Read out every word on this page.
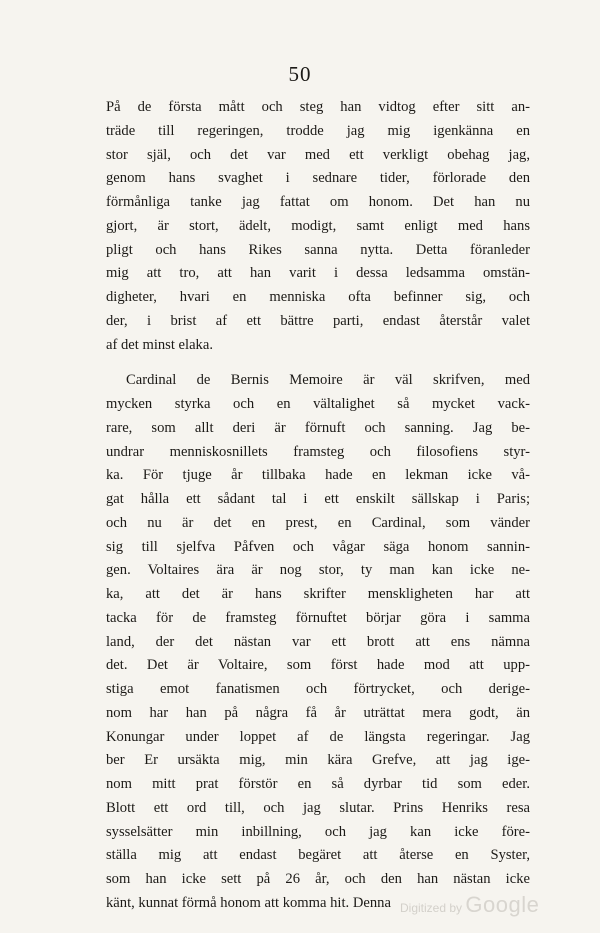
50
På de första mått och steg han vidtog efter sitt an-
träde till regeringen, trodde jag mig igenkänna en
stor själ, och det var med ett verkligt obehag jag,
genom hans svaghet i sednare tider, förlorade den
förmånliga tanke jag fattat om honom. Det han nu
gjort, är stort, ädelt, modigt, samt enligt med hans
pligt och hans Rikes sanna nytta. Detta föranleder
mig att tro, att han varit i dessa ledsamma omstän-
digheter, hvari en menniska ofta befinner sig, och
der, i brist af ett bättre parti, endast återstår valet
af det minst elaka.
Cardinal de Bernis Memoire är väl skrifven, med
mycken styrka och en vältalighet så mycket vack-
rare, som allt deri är förnuft och sanning. Jag be-
undrar menniskosnillets framsteg och filosofiens styr-
ka. För tjuge år tillbaka hade en lekman icke vå-
gat hålla ett sådant tal i ett enskilt sällskap i Paris;
och nu är det en prest, en Cardinal, som vänder
sig till sjelfva Påfven och vågar säga honom sannin-
gen. Voltaires ära är nog stor, ty man kan icke ne-
ka, att det är hans skrifter menskligheten har att
tacka för de framsteg förnuftet börjar göra i samma
land, der det nästan var ett brott att ens nämna
det. Det är Voltaire, som först hade mod att upp-
stiga emot fanatismen och förtrycket, och derige-
nom har han på några få år uträttat mera godt, än
Konungar under loppet af de längsta regeringar. Jag
ber Er ursäkta mig, min kära Grefve, att jag ige-
nom mitt prat förstör en så dyrbar tid som eder.
Blott ett ord till, och jag slutar. Prins Henriks resa
sysselsätter min inbillning, och jag kan icke före-
ställa mig att endast begäret att återse en Syster,
som han icke sett på 26 år, och den han nästan icke
känt, kunnat förmå honom att komma hit. Denna Digitized by Google
